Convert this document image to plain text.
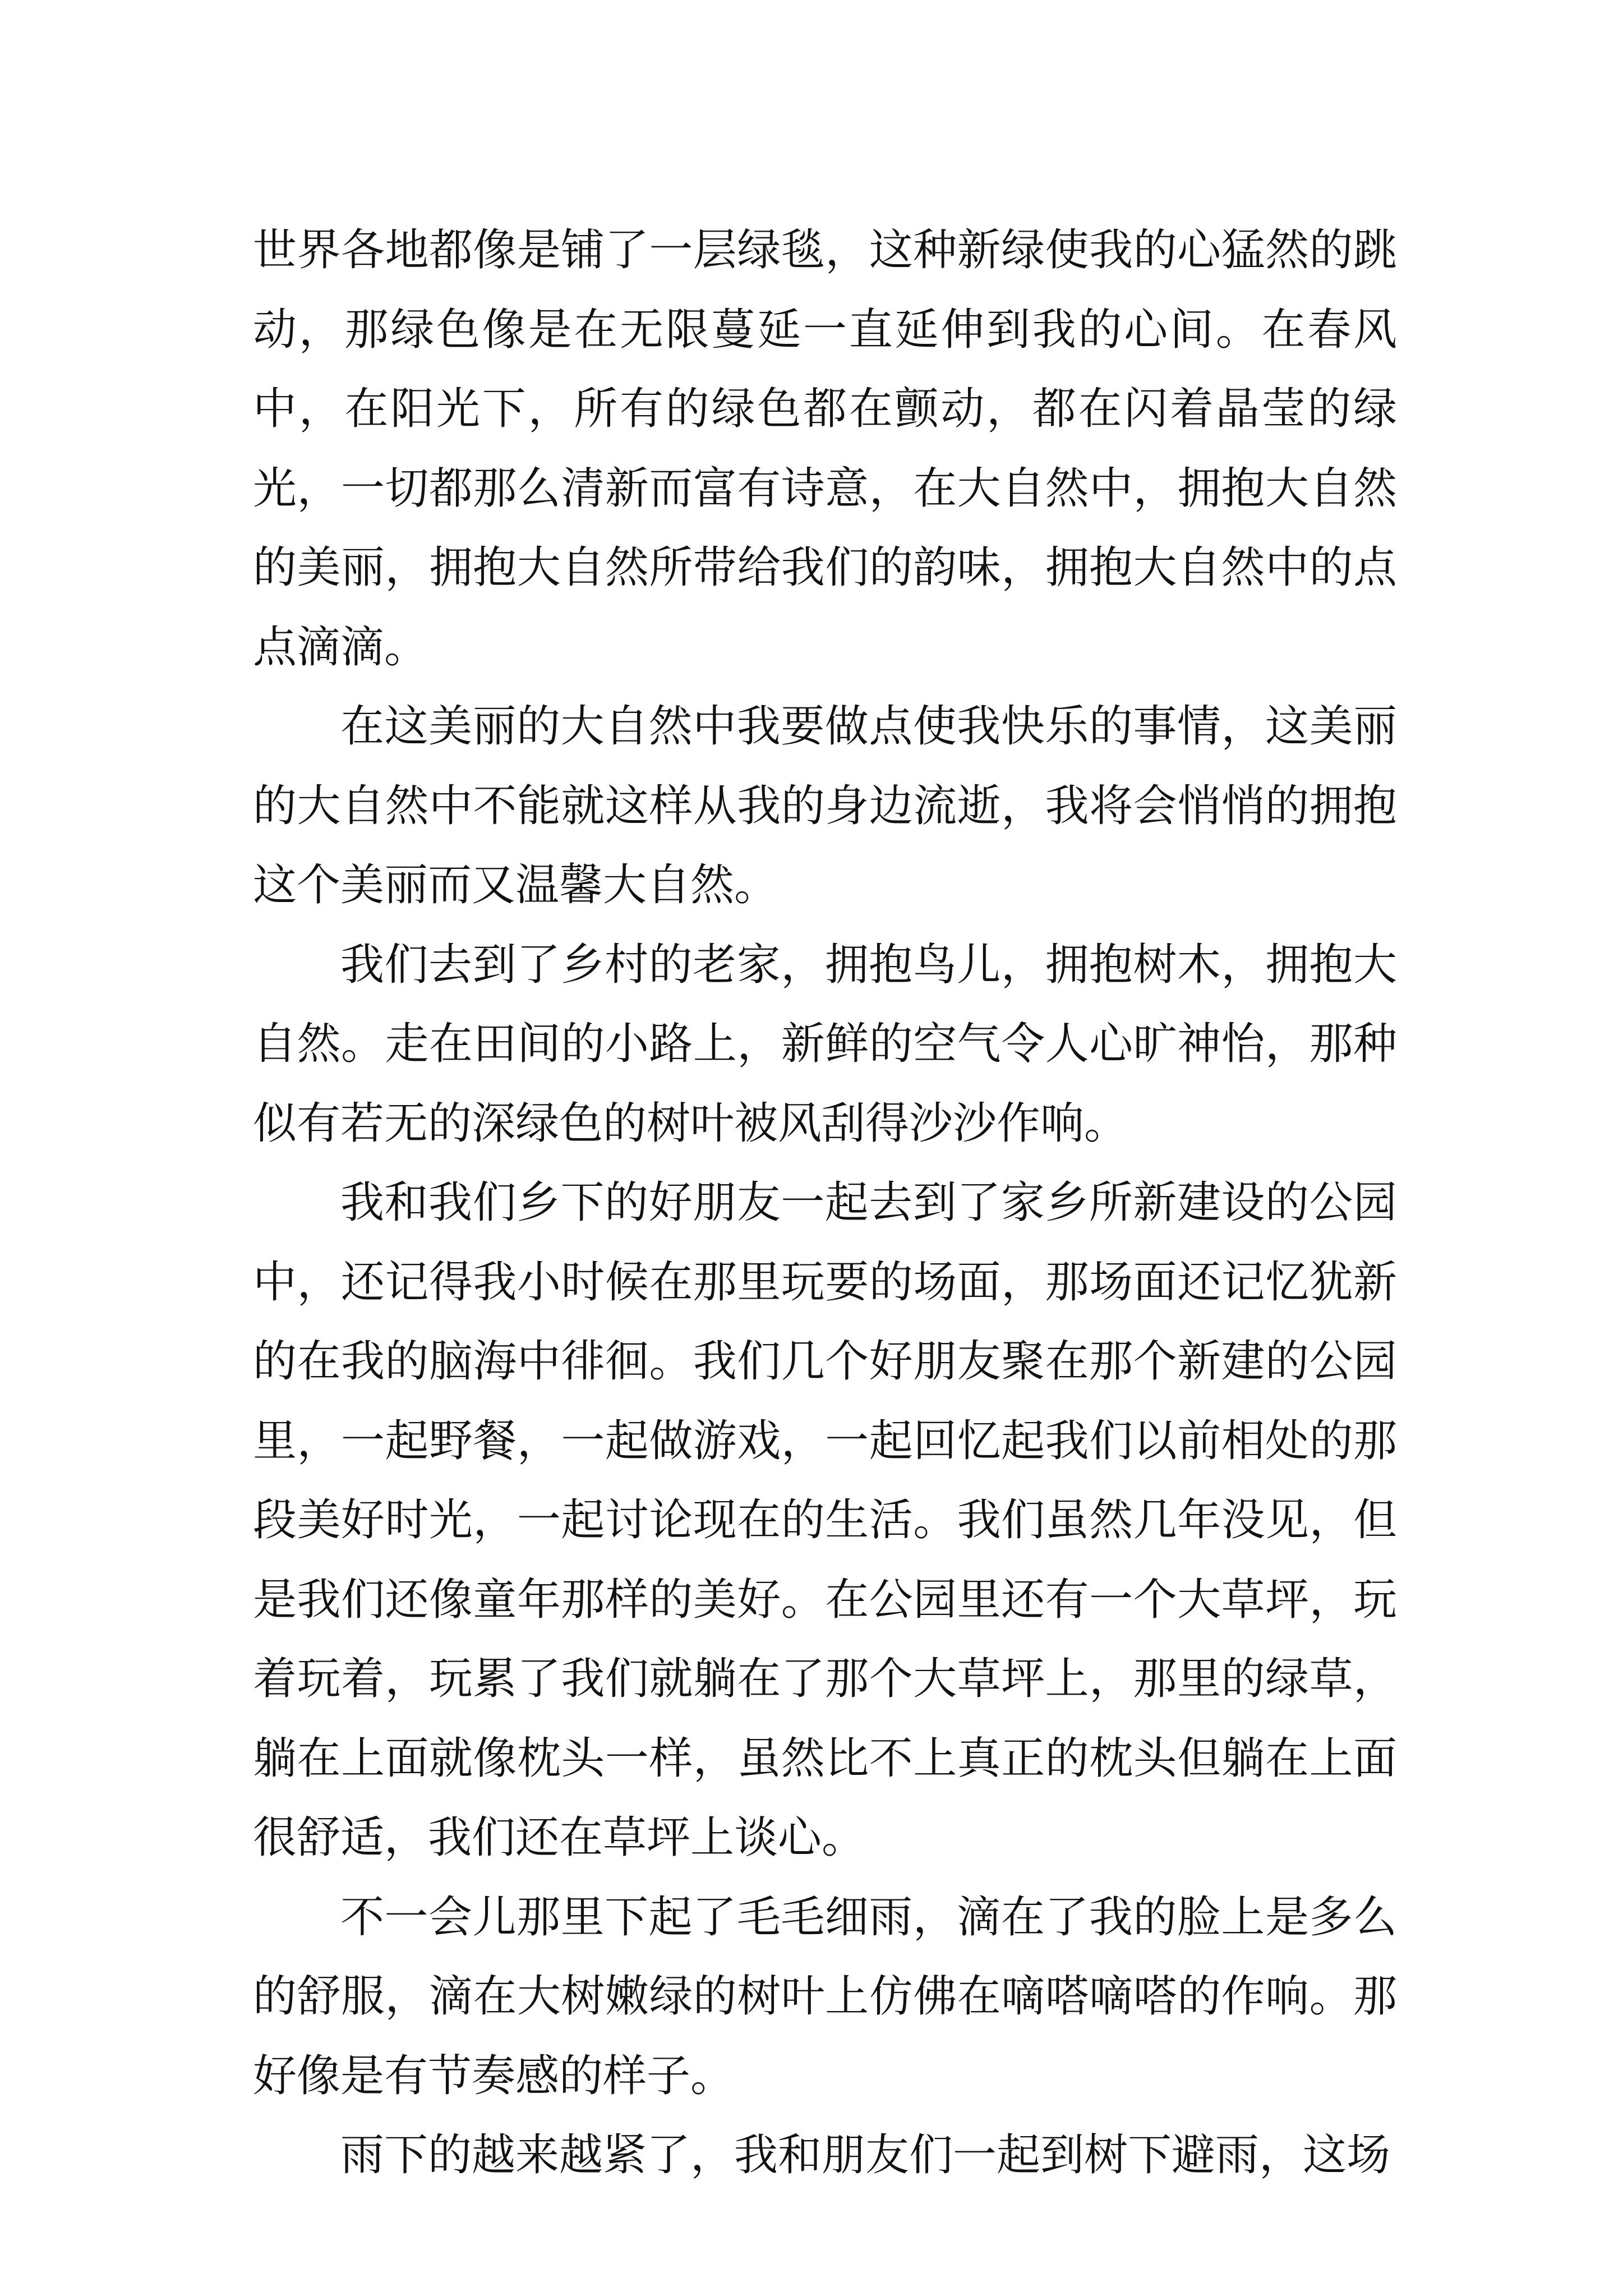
世界各地都像是铺了一层绿毯，这种新绿使我的心猛然的跳动，那绿色像是在无限蔓延一直延伸到我的心间。在春风中，在阳光下，所有的绿色都在颤动，都在闪着晶莹的绿光，一切都那么清新而富有诗意，在大自然中，拥抱大自然的美丽，拥抱大自然所带给我们的韵味，拥抱大自然中的点点滴滴。

在这美丽的大自然中我要做点使我快乐的事情，这美丽的大自然中不能就这样从我的身边流逝，我将会悄悄的拥抱这个美丽而又温馨大自然。

我们去到了乡村的老家，拥抱鸟儿，拥抱树木，拥抱大自然。走在田间的小路上，新鲜的空气令人心旷神怡，那种似有若无的深绿色的树叶被风刮得沙沙作响。

我和我们乡下的好朋友一起去到了家乡所新建设的公园中，还记得我小时候在那里玩要的场面，那场面还记忆犹新的在我的脑海中徘徊。我们几个好朋友聚在那个新建的公园里，一起野餐，一起做游戏，一起回忆起我们以前相处的那段美好时光，一起讨论现在的生活。我们虽然几年没见，但是我们还像童年那样的美好。在公园里还有一个大草坪，玩着玩着，玩累了我们就躺在了那个大草坪上，那里的绿草，躺在上面就像枕头一样，虽然比不上真正的枕头但躺在上面很舒适，我们还在草坪上谈心。

不一会儿那里下起了毛毛细雨，滴在了我的脸上是多么的舒服，滴在大树嫩绿的树叶上仿佛在嘀嗒嘀嗒的作响。那好像是有节奏感的样子。

雨下的越来越紧了，我和朋友们一起到树下避雨，这场
